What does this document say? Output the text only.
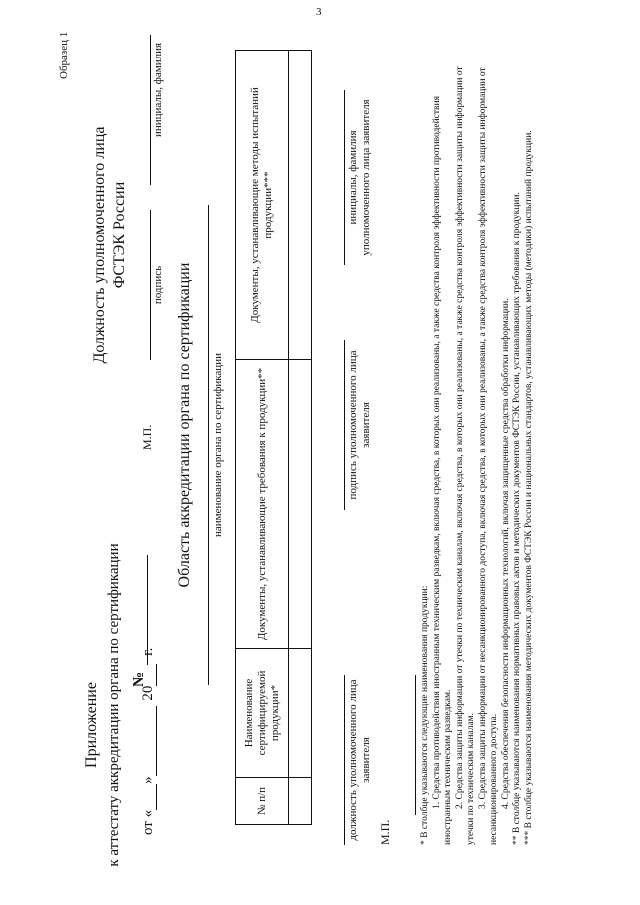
3
Образец 1
Приложение к аттестату аккредитации органа по сертификации №
от «» 20 г.
Должность уполномоченного лица ФСТЭК России
М.П.
подпись
инициалы, фамилия
Область аккредитации органа по сертификации наименование органа по сертификации
№ п/п	Наименование сертифицируемой продукции*	Документы, устанавливающие требования к продукции**	Документы, устанавливающие методы испытаний продукции***

должность уполномоченного лица заявителя
подпись уполномоченного лица заявителя
инициалы, фамилия уполномоченного лица заявителя
М.П.	* В столбце указываются следующие наименования продукции: 1. Средства противодействия иностранным техническим разведкам, включая средства, в которых они реализованы, а также средства контроля эффективности противодействия иностранным техническим разведкам. 2. Средства защиты информации от утечки по техническим каналам, включая средства, в которых они реализованы, а также средства контроля эффективности защиты информации от утечки по техническим каналам. 3. Средства защиты информации от несанкционированного доступа, включая средства, в которых они реализованы, а также средства контроля эффективности защиты информации от несанкционированного доступа. 4. Средства обеспечения безопасности информационных технологий, включая защищенные средства обработки информации. ** В столбце указываются наименования нормативных правовых актов и методических документов ФСТЭК России, устанавливающих требования к продукции. *** В столбце указываются наименования методических документов ФСТЭК России и национальных стандартов, устанавливающих методы (методики) испытаний продукции.
